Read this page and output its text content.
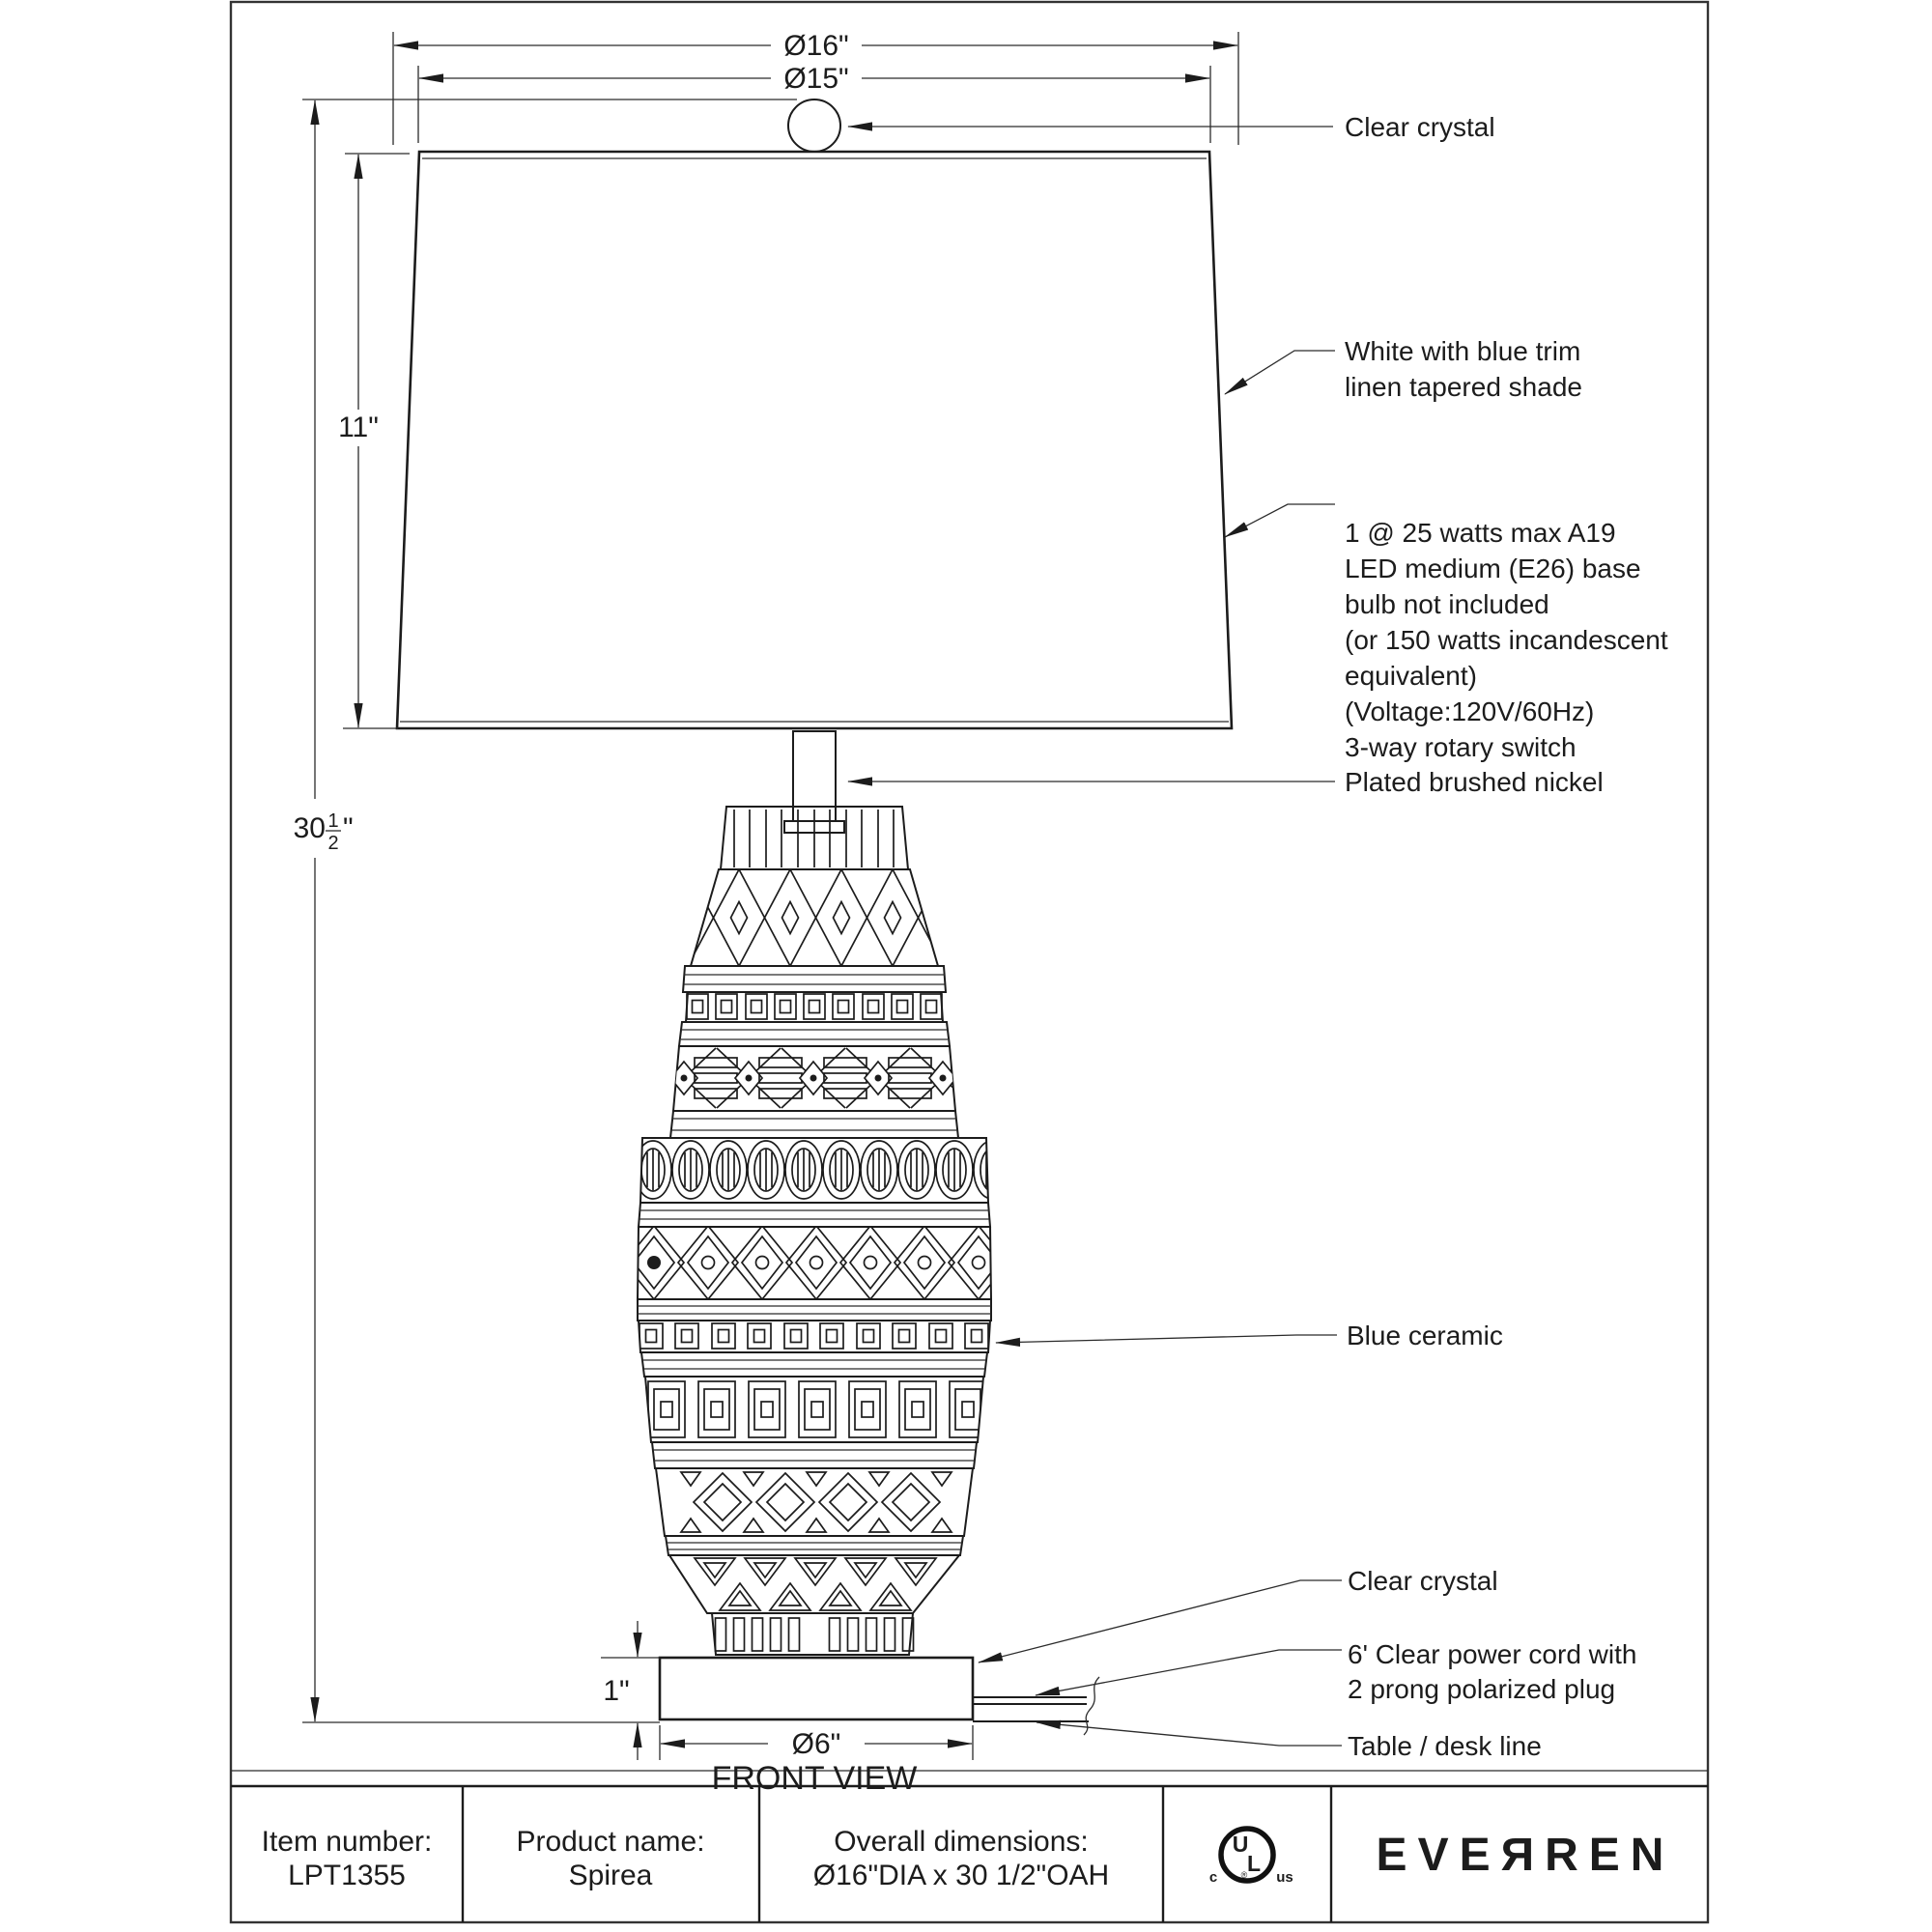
Ø16"
Ø15"
11"
30 1
2 "
1"
Ø6"
FRONT VIEW
Clear crystal
White with blue trim
linen tapered shade
1 @ 25 watts max A19
LED medium (E26) base
bulb not included
(or 150 watts incandescent
equivalent)
(Voltage:120V/60Hz)
3-way rotary switch
Plated brushed nickel
Blue ceramic
Clear crystal
6' Clear power cord with
2 prong polarized plug
Table / desk line
Item number:
LPT1355
Product name:
Spirea
Overall dimensions:
Ø16"DIA x 30 1/2"OAH	c
U
L
® us EVEЯREN
